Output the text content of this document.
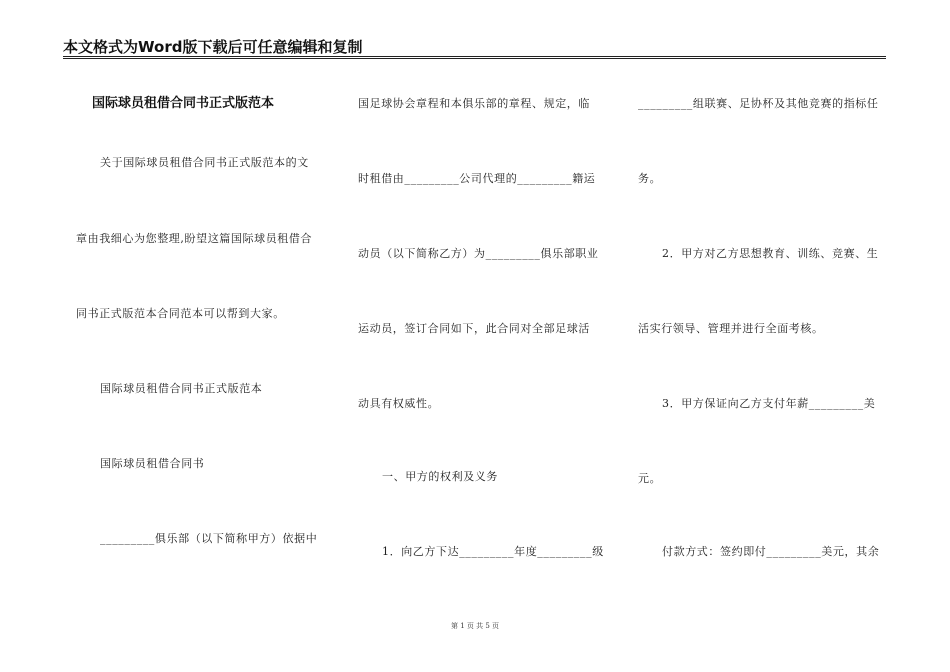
本文格式为Word版下载后可任意编辑和复制
国际球员租借合同书正式版范本
关于国际球员租借合同书正式版范本的文
章由我细心为您整理,盼望这篇国际球员租借合
同书正式版范本合同范本可以帮到大家。
国际球员租借合同书正式版范本
国际球员租借合同书
_________俱乐部（以下简称甲方）依据中
国足球协会章程和本俱乐部的章程、规定，临
时租借由_________公司代理的_________籍运
动员（以下简称乙方）为_________俱乐部职业
运动员，签订合同如下，此合同对全部足球活
动具有权威性。
一、甲方的权利及义务
1．向乙方下达_________年度_________级
_________组联赛、足协杯及其他竞赛的指标任
务。
2．甲方对乙方思想教育、训练、竞赛、生
活实行领导、管理并进行全面考核。
3．甲方保证向乙方支付年薪_________美
元。
付款方式：签约即付_________美元，其余
第 1 页 共 5 页
